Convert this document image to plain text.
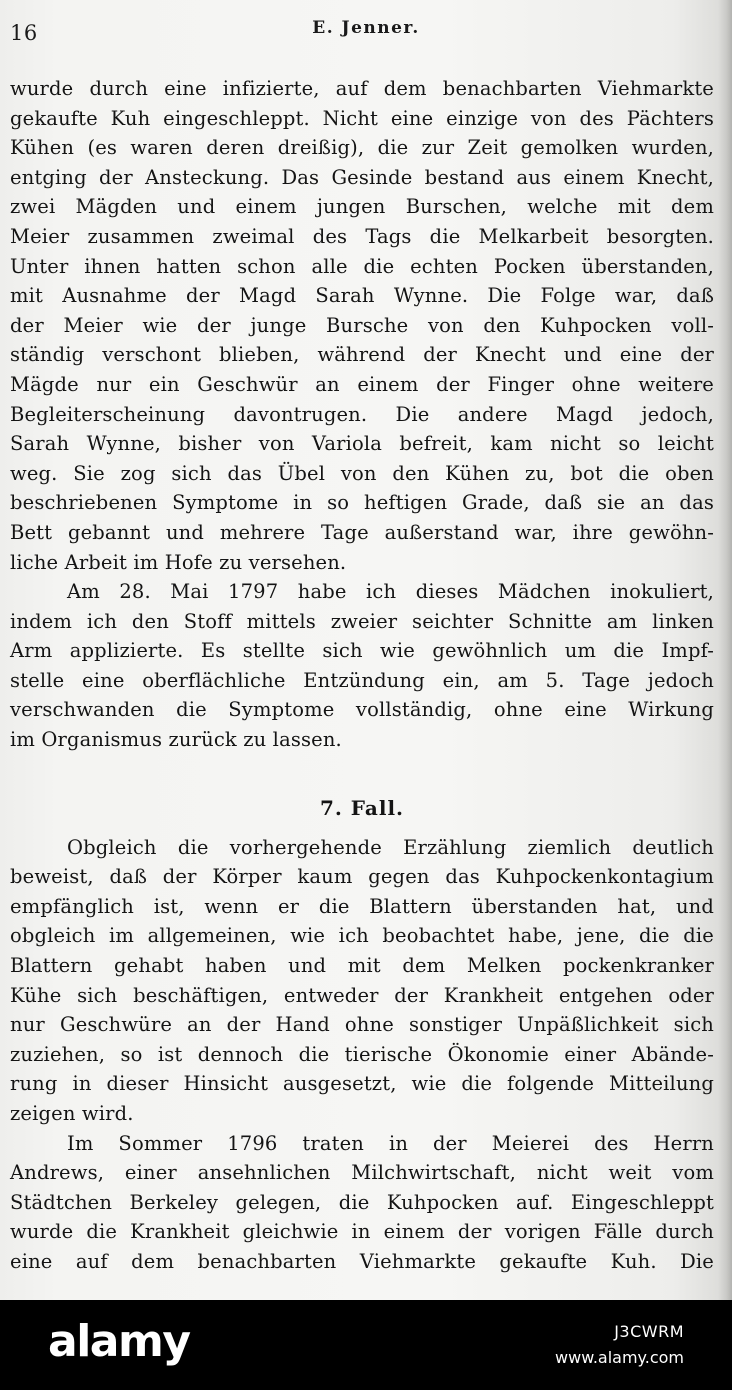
16	E. Jenner.
wurde durch eine infizierte, auf dem benachbarten Viehmarkte
gekaufte Kuh eingeschleppt. Nicht eine einzige von des Pächters
Kühen (es waren deren dreißig), die zur Zeit gemolken wurden,
entging der Ansteckung. Das Gesinde bestand aus einem Knecht,
zwei Mägden und einem jungen Burschen, welche mit dem
Meier zusammen zweimal des Tags die Melkarbeit besorgten.
Unter ihnen hatten schon alle die echten Pocken überstanden,
mit Ausnahme der Magd Sarah Wynne. Die Folge war, daß
der Meier wie der junge Bursche von den Kuhpocken voll-
ständig verschont blieben, während der Knecht und eine der
Mägde nur ein Geschwür an einem der Finger ohne weitere
Begleiterscheinung davontrugen. Die andere Magd jedoch,
Sarah Wynne, bisher von Variola befreit, kam nicht so leicht
weg. Sie zog sich das Übel von den Kühen zu, bot die oben
beschriebenen Symptome in so heftigen Grade, daß sie an das
Bett gebannt und mehrere Tage außerstand war, ihre gewöhn-
liche Arbeit im Hofe zu versehen.
Am 28. Mai 1797 habe ich dieses Mädchen inokuliert,
indem ich den Stoff mittels zweier seichter Schnitte am linken
Arm applizierte. Es stellte sich wie gewöhnlich um die Impf-
stelle eine oberflächliche Entzündung ein, am 5. Tage jedoch
verschwanden die Symptome vollständig, ohne eine Wirkung
im Organismus zurück zu lassen.
7. Fall.
Obgleich die vorhergehende Erzählung ziemlich deutlich
beweist, daß der Körper kaum gegen das Kuhpockenkontagium
empfänglich ist, wenn er die Blattern überstanden hat, und
obgleich im allgemeinen, wie ich beobachtet habe, jene, die die
Blattern gehabt haben und mit dem Melken pockenkranker
Kühe sich beschäftigen, entweder der Krankheit entgehen oder
nur Geschwüre an der Hand ohne sonstiger Unpäßlichkeit sich
zuziehen, so ist dennoch die tierische Ökonomie einer Abände-
rung in dieser Hinsicht ausgesetzt, wie die folgende Mitteilung
zeigen wird.
Im Sommer 1796 traten in der Meierei des Herrn
Andrews, einer ansehnlichen Milchwirtschaft, nicht weit vom
Städtchen Berkeley gelegen, die Kuhpocken auf. Eingeschleppt
wurde die Krankheit gleichwie in einem der vorigen Fälle durch
eine auf dem benachbarten Viehmarkte gekaufte Kuh. Die
alamy	J3CWRM
www.alamy.com
